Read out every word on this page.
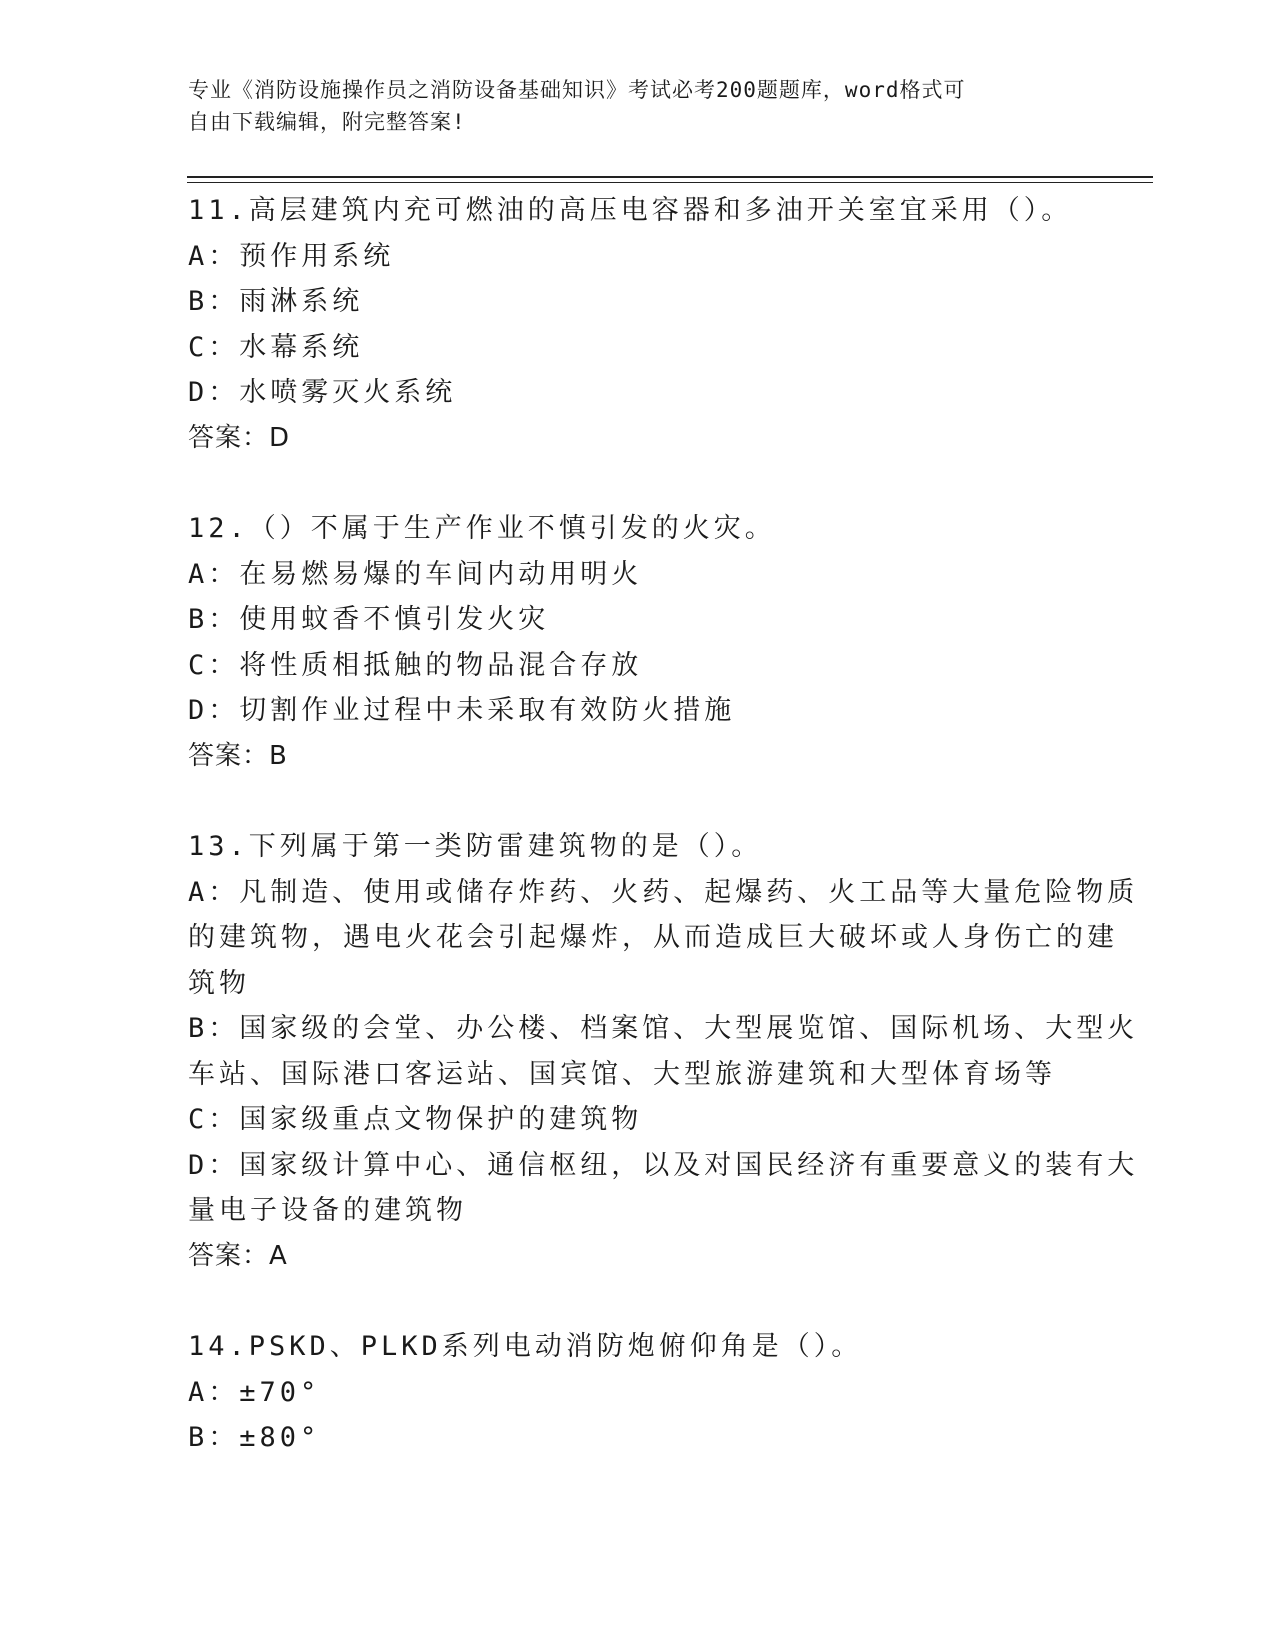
专业《消防设施操作员之消防设备基础知识》考试必考200题题库，word格式可
自由下载编辑，附完整答案!
11.高层建筑内充可燃油的高压电容器和多油开关室宜采用（）。
A：预作用系统
B：雨淋系统
C：水幕系统
D：水喷雾灭火系统
答案：D
12.（）不属于生产作业不慎引发的火灾。
A：在易燃易爆的车间内动用明火
B：使用蚊香不慎引发火灾
C：将性质相抵触的物品混合存放
D：切割作业过程中未采取有效防火措施
答案：B
13.下列属于第一类防雷建筑物的是（）。
A：凡制造、使用或储存炸药、火药、起爆药、火工品等大量危险物质
的建筑物，遇电火花会引起爆炸，从而造成巨大破坏或人身伤亡的建
筑物
B：国家级的会堂、办公楼、档案馆、大型展览馆、国际机场、大型火
车站、国际港口客运站、国宾馆、大型旅游建筑和大型体育场等
C：国家级重点文物保护的建筑物
D：国家级计算中心、通信枢纽，以及对国民经济有重要意义的装有大
量电子设备的建筑物
答案：A
14.PSKD、PLKD系列电动消防炮俯仰角是（）。
A：±70°
B：±80°
